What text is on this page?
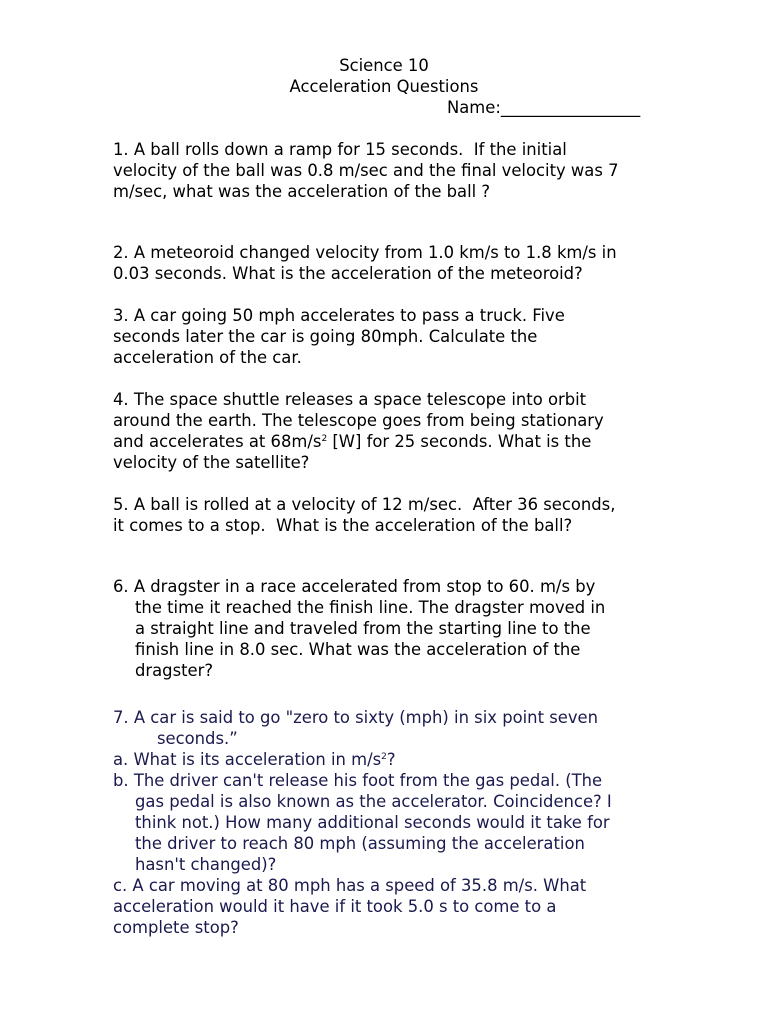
Science 10
Acceleration Questions
Name:_________________
1. A ball rolls down a ramp for 15 seconds.  If the initial
velocity of the ball was 0.8 m/sec and the final velocity was 7
m/sec, what was the acceleration of the ball ?
2. A meteoroid changed velocity from 1.0 km/s to 1.8 km/s in
0.03 seconds. What is the acceleration of the meteoroid?
3. A car going 50 mph accelerates to pass a truck. Five
seconds later the car is going 80mph. Calculate the
acceleration of the car.
4. The space shuttle releases a space telescope into orbit
around the earth. The telescope goes from being stationary
and accelerates at $68m/s^2$ [W] for 25 seconds. What is the
velocity of the satellite?
5. A ball is rolled at a velocity of 12 m/sec.  After 36 seconds,
it comes to a stop.  What is the acceleration of the ball?
6. A dragster in a race accelerated from stop to 60. m/s by
the time it reached the finish line. The dragster moved in
a straight line and traveled from the starting line to the
finish line in 8.0 sec. What was the acceleration of the
dragster?
7. A car is said to go "zero to sixty (mph) in six point seven
seconds.”
a. What is its acceleration in $m/s^2$?
b. The driver can't release his foot from the gas pedal. (The
gas pedal is also known as the accelerator. Coincidence? I
think not.) How many additional seconds would it take for
the driver to reach 80 mph (assuming the acceleration
hasn't changed)?
c. A car moving at 80 mph has a speed of 35.8 m/s. What
acceleration would it have if it took 5.0 s to come to a
complete stop?
